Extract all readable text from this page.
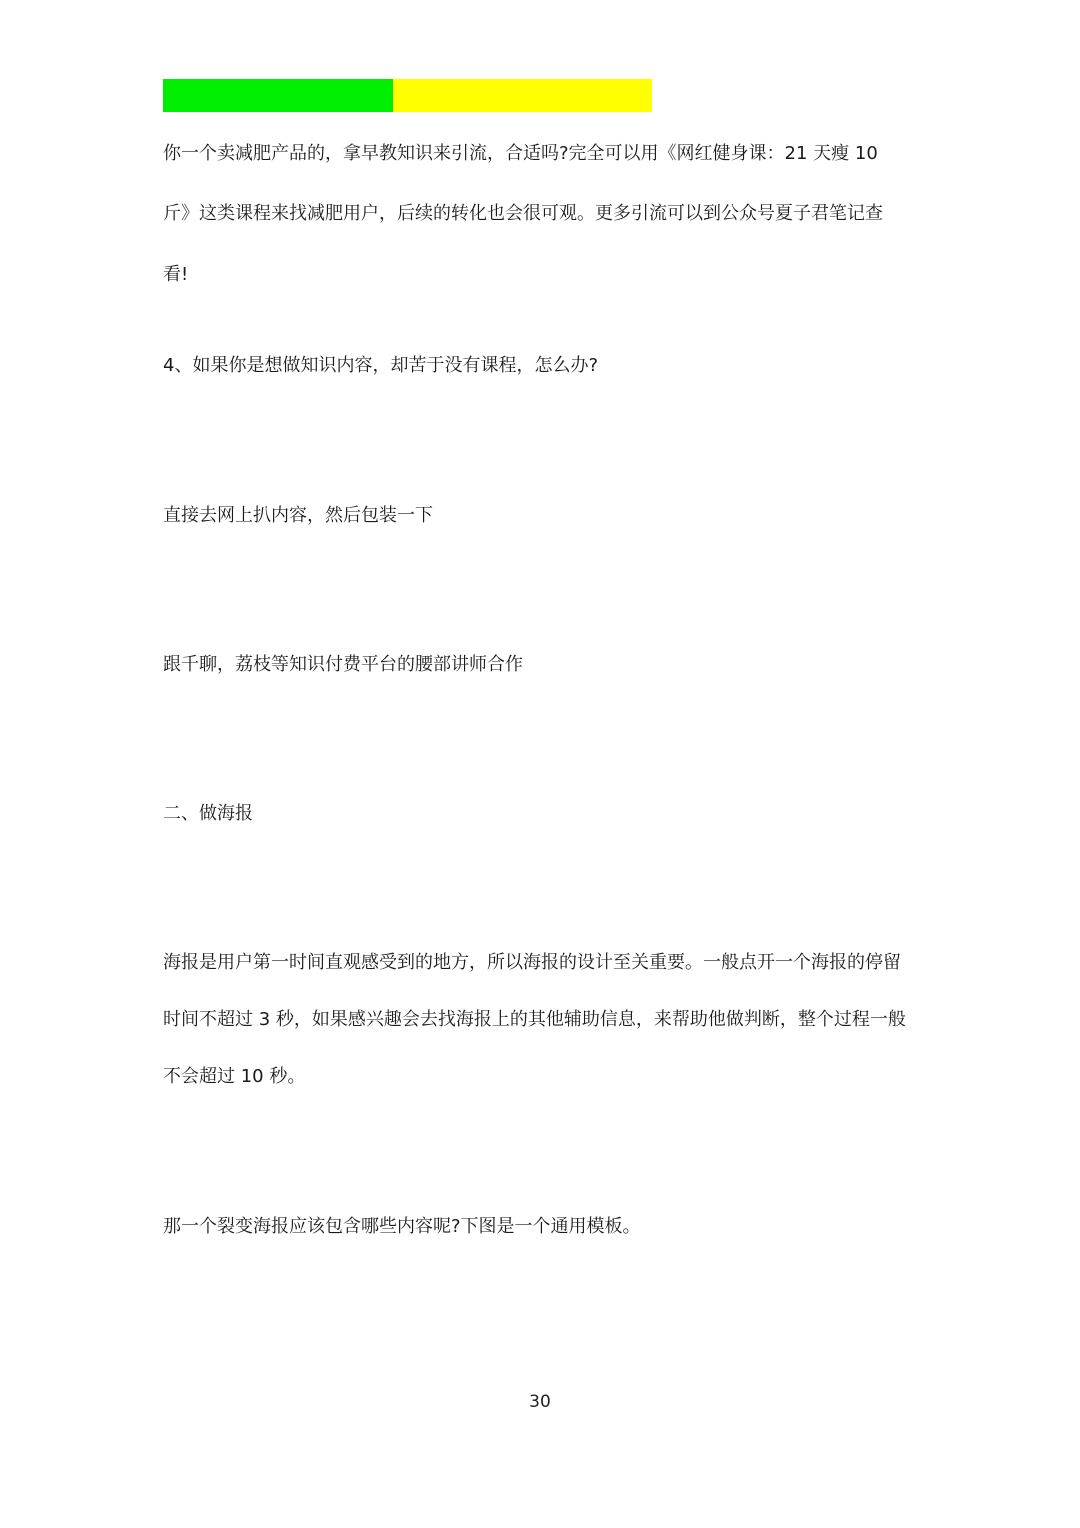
你一个卖减肥产品的，拿早教知识来引流，合适吗?完全可以用《网红健身课：21 天瘦 10
斤》这类课程来找减肥用户，后续的转化也会很可观。更多引流可以到公众号夏子君笔记查
看!
4、如果你是想做知识内容，却苦于没有课程，怎么办?
直接去网上扒内容，然后包装一下
跟千聊，荔枝等知识付费平台的腰部讲师合作
二、做海报
海报是用户第一时间直观感受到的地方，所以海报的设计至关重要。一般点开一个海报的停留
时间不超过 3 秒，如果感兴趣会去找海报上的其他辅助信息，来帮助他做判断，整个过程一般
不会超过 10 秒。
那一个裂变海报应该包含哪些内容呢?下图是一个通用模板。
30
